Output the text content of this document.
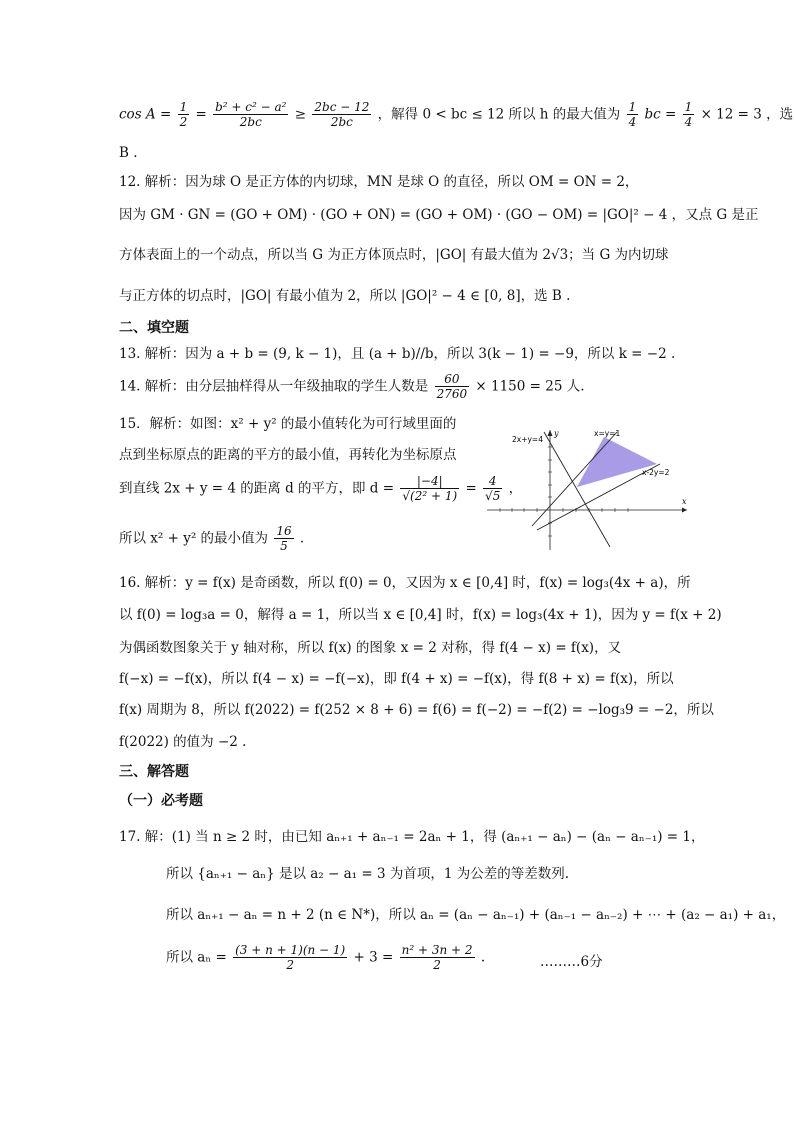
$\cos A = \frac{1}{2} = \frac{\text{b² + c² − a²}}{2bc} \ge \frac{2bc - 12}{2bc}$ ，解得 0 < bc ≤ 12 所以 h 的最大值为 $\frac{1}{4}$ bc = $\frac{1}{4} \times 12 = 3$ ，选
B .
12. 解析：因为球 O 是正方体的内切球，MN 是球 O 的直径，所以 OM = ON = 2，
因为 GM · GN = (GO + OM) · (GO + ON) = (GO + OM) · (GO − OM) = |GO|² − 4 ，又点 G 是正
方体表面上的一个动点，所以当 G 为正方体顶点时，|GO| 有最大值为 2√3；当 G 为内切球
与正方体的切点时，|GO| 有最小值为 2，所以 |GO|² − 4 ∈ [0, 8]，选 B .
二、填空题
13. 解析：因为 a + b = (9, k − 1)，且 (a + b)//b，所以 3(k − 1) = −9，所以 k = −2 .
14. 解析：由分层抽样得从一年级抽取的学生人数是 $\frac{60}{2760} \times 1150 = 25$ 人.
15．解析：如图：x² + y² 的最小值转化为可行域里面的
点到坐标原点的距离的平方的最小值，再转化为坐标原点
到直线 2x + y = 4 的距离 d 的平方，即 $d = \frac{|-4|}{\text{√(2² + 1)}} = \frac{4}{√5}$ ，
所以 x² + y² 的最小值为 $\frac{16}{5}$ .
2x+y=4
x=y=1
x-2y=2
x
y
16. 解析：y = f(x) 是奇函数，所以 f(0) = 0，又因为 x ∈ [0,4] 时，f(x) = log₃(4x + a)，所
以 f(0) = log₃a = 0，解得 a = 1，所以当 x ∈ [0,4] 时，f(x) = log₃(4x + 1)，因为 y = f(x + 2)
为偶函数图象关于 y 轴对称，所以 f(x) 的图象 x = 2 对称，得 f(4 − x) = f(x)，又
f(−x) = −f(x)，所以 f(4 − x) = −f(−x)，即 f(4 + x) = −f(x)，得 f(8 + x) = f(x)，所以
f(x) 周期为 8，所以 f(2022) = f(252 × 8 + 6) = f(6) = f(−2) = −f(2) = −log₃9 = −2，所以
f(2022) 的值为 −2 .
三、解答题
（一）必考题
17. 解：(1) 当 n ≥ 2 时，由已知 aₙ₊₁ + aₙ₋₁ = 2aₙ + 1，得 (aₙ₊₁ − aₙ) − (aₙ − aₙ₋₁) = 1，
所以 {aₙ₊₁ − aₙ} 是以 a₂ − a₁ = 3 为首项，1 为公差的等差数列.
所以 aₙ₊₁ − aₙ = n + 2 (n ∈ N*)，所以 aₙ = (aₙ − aₙ₋₁) + (aₙ₋₁ − aₙ₋₂) + ⋯ + (a₂ − a₁) + a₁，
所以 $a_n = \frac{(3 + n + 1)(n - 1)}{2} + 3 = \frac{\text{n² + 3n + 2}}{2}$ .	………6分
